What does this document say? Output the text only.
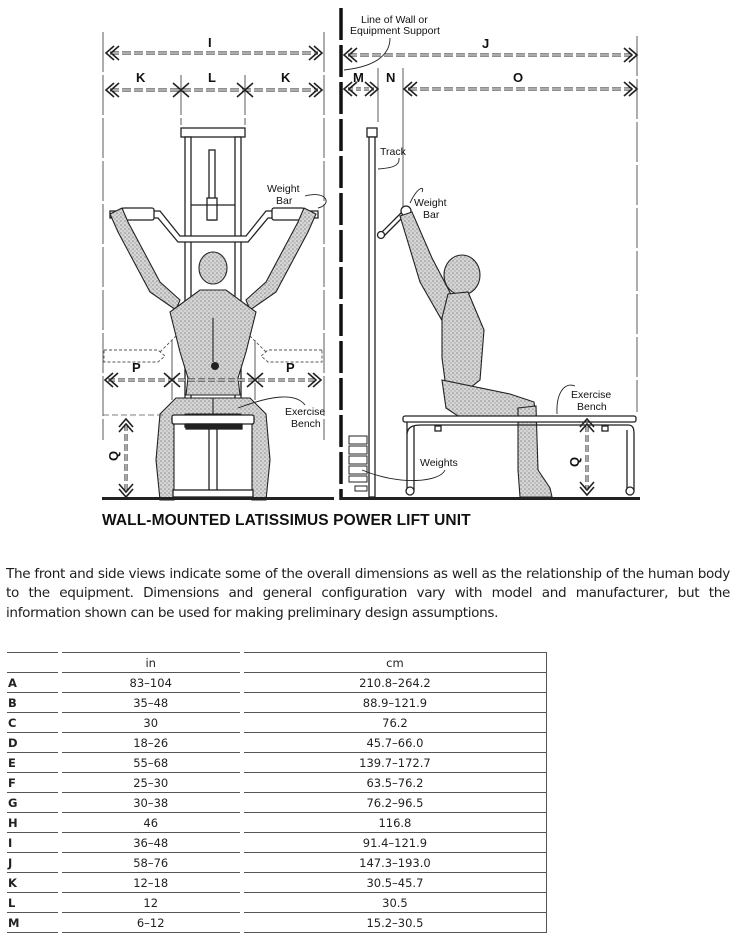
I
K	L	K
P	P
Q
Weight
Bar
Exercise
Bench
J
M N	O
Q
Line of Wall or
Equipment Support
Track
Weight
Bar
Exercise
Bench
Weights
WALL-MOUNTED LATISSIMUS POWER LIFT UNIT

The front and side views indicate some of the overall dimensions as well as the relationship of the human body to the equipment. Dimensions and general configuration vary with model and manufacturer, but the information shown can be used for making preliminary design assumptions.

	in	cm
A	83–104	210.8–264.2
B	35–48	88.9–121.9
C	30	76.2
D	18–26	45.7–66.0
E	55–68	139.7–172.7
F	25–30	63.5–76.2
G	30–38	76.2–96.5
H	46	116.8
I	36–48	91.4–121.9
J	58–76	147.3–193.0
K	12–18	30.5–45.7
L	12	30.5
M	6–12	15.2–30.5
